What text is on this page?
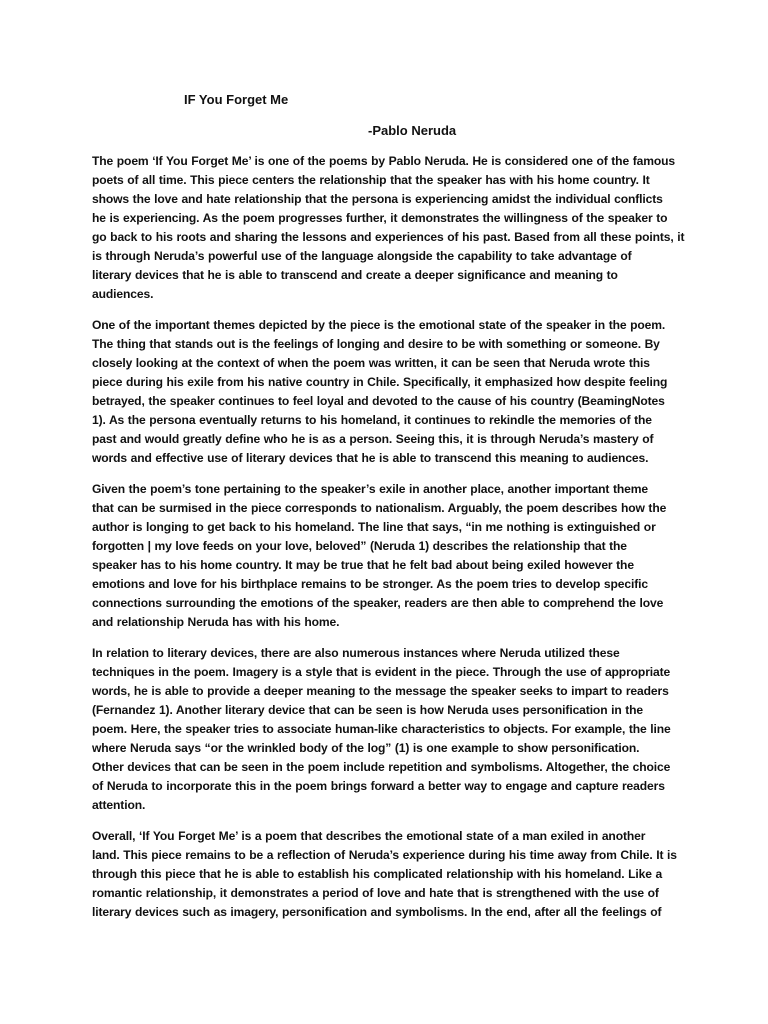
IF You Forget Me
-Pablo Neruda

The poem ‘If You Forget Me’ is one of the poems by Pablo Neruda. He is considered one of the famous
poets of all time. This piece centers the relationship that the speaker has with his home country. It
shows the love and hate relationship that the persona is experiencing amidst the individual conflicts
he is experiencing. As the poem progresses further, it demonstrates the willingness of the speaker to
go back to his roots and sharing the lessons and experiences of his past. Based from all these points, it
is through Neruda’s powerful use of the language alongside the capability to take advantage of
literary devices that he is able to transcend and create a deeper significance and meaning to
audiences.

One of the important themes depicted by the piece is the emotional state of the speaker in the poem.
The thing that stands out is the feelings of longing and desire to be with something or someone. By
closely looking at the context of when the poem was written, it can be seen that Neruda wrote this
piece during his exile from his native country in Chile. Specifically, it emphasized how despite feeling
betrayed, the speaker continues to feel loyal and devoted to the cause of his country (BeamingNotes
1). As the persona eventually returns to his homeland, it continues to rekindle the memories of the
past and would greatly define who he is as a person. Seeing this, it is through Neruda’s mastery of
words and effective use of literary devices that he is able to transcend this meaning to audiences.

Given the poem’s tone pertaining to the speaker’s exile in another place, another important theme
that can be surmised in the piece corresponds to nationalism. Arguably, the poem describes how the
author is longing to get back to his homeland. The line that says, “in me nothing is extinguished or
forgotten | my love feeds on your love, beloved” (Neruda 1) describes the relationship that the
speaker has to his home country. It may be true that he felt bad about being exiled however the
emotions and love for his birthplace remains to be stronger. As the poem tries to develop specific
connections surrounding the emotions of the speaker, readers are then able to comprehend the love
and relationship Neruda has with his home.

In relation to literary devices, there are also numerous instances where Neruda utilized these
techniques in the poem. Imagery is a style that is evident in the piece. Through the use of appropriate
words, he is able to provide a deeper meaning to the message the speaker seeks to impart to readers
(Fernandez 1). Another literary device that can be seen is how Neruda uses personification in the
poem. Here, the speaker tries to associate human-like characteristics to objects. For example, the line
where Neruda says “or the wrinkled body of the log” (1) is one example to show personification.
Other devices that can be seen in the poem include repetition and symbolisms. Altogether, the choice
of Neruda to incorporate this in the poem brings forward a better way to engage and capture readers
attention.

Overall, ‘If You Forget Me’ is a poem that describes the emotional state of a man exiled in another
land. This piece remains to be a reflection of Neruda’s experience during his time away from Chile. It is
through this piece that he is able to establish his complicated relationship with his homeland. Like a
romantic relationship, it demonstrates a period of love and hate that is strengthened with the use of
literary devices such as imagery, personification and symbolisms. In the end, after all the feelings of
